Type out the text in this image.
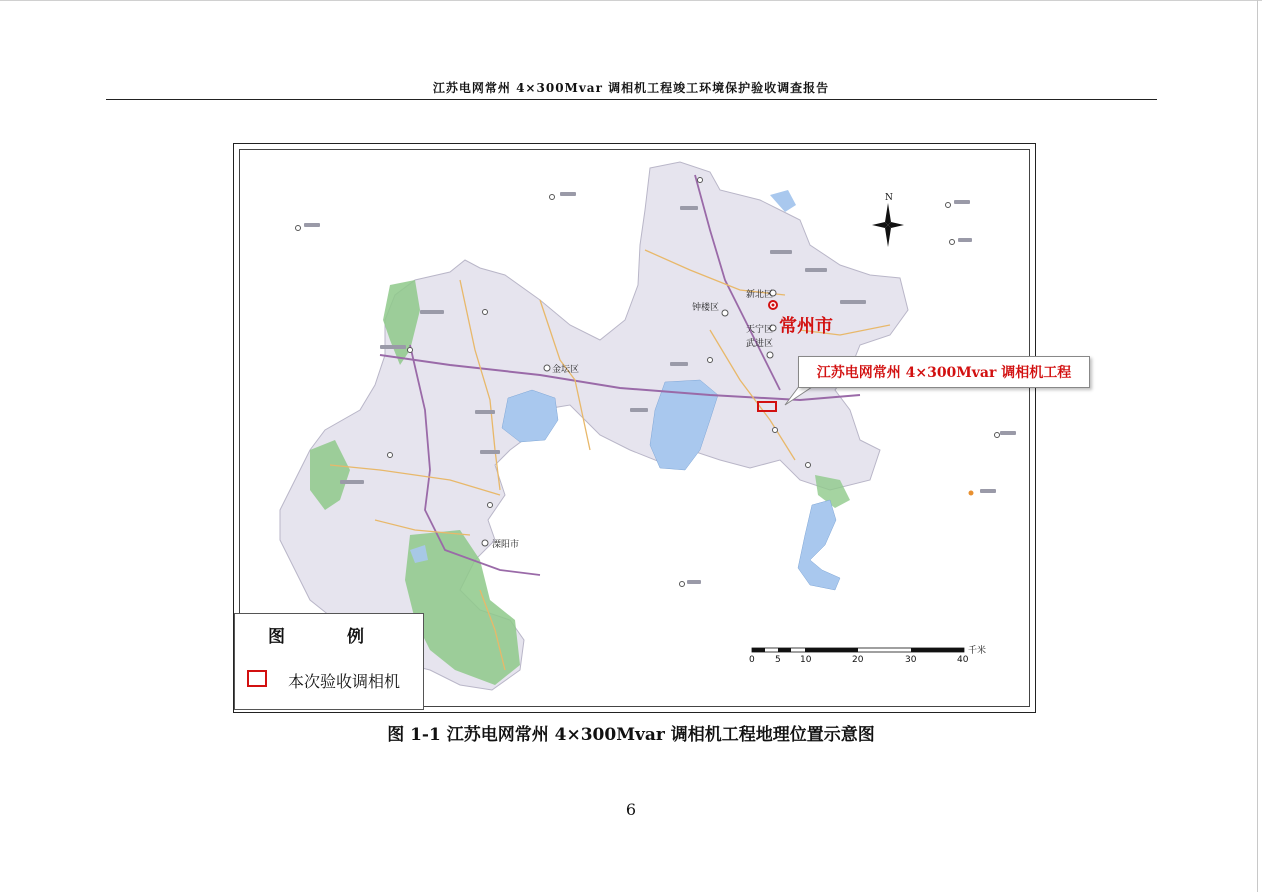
江苏电网常州 4×300Mvar 调相机工程竣工环境保护验收调查报告
新北区
钟楼区
天宁区
武进区
金坛区
溧阳市
常州市
N
0 5 10	20	30	40
千米
江苏电网常州 4×300Mvar 调相机工程
图 例
本次验收调相机
图 1-1 江苏电网常州 4×300Mvar 调相机工程地理位置示意图
6
